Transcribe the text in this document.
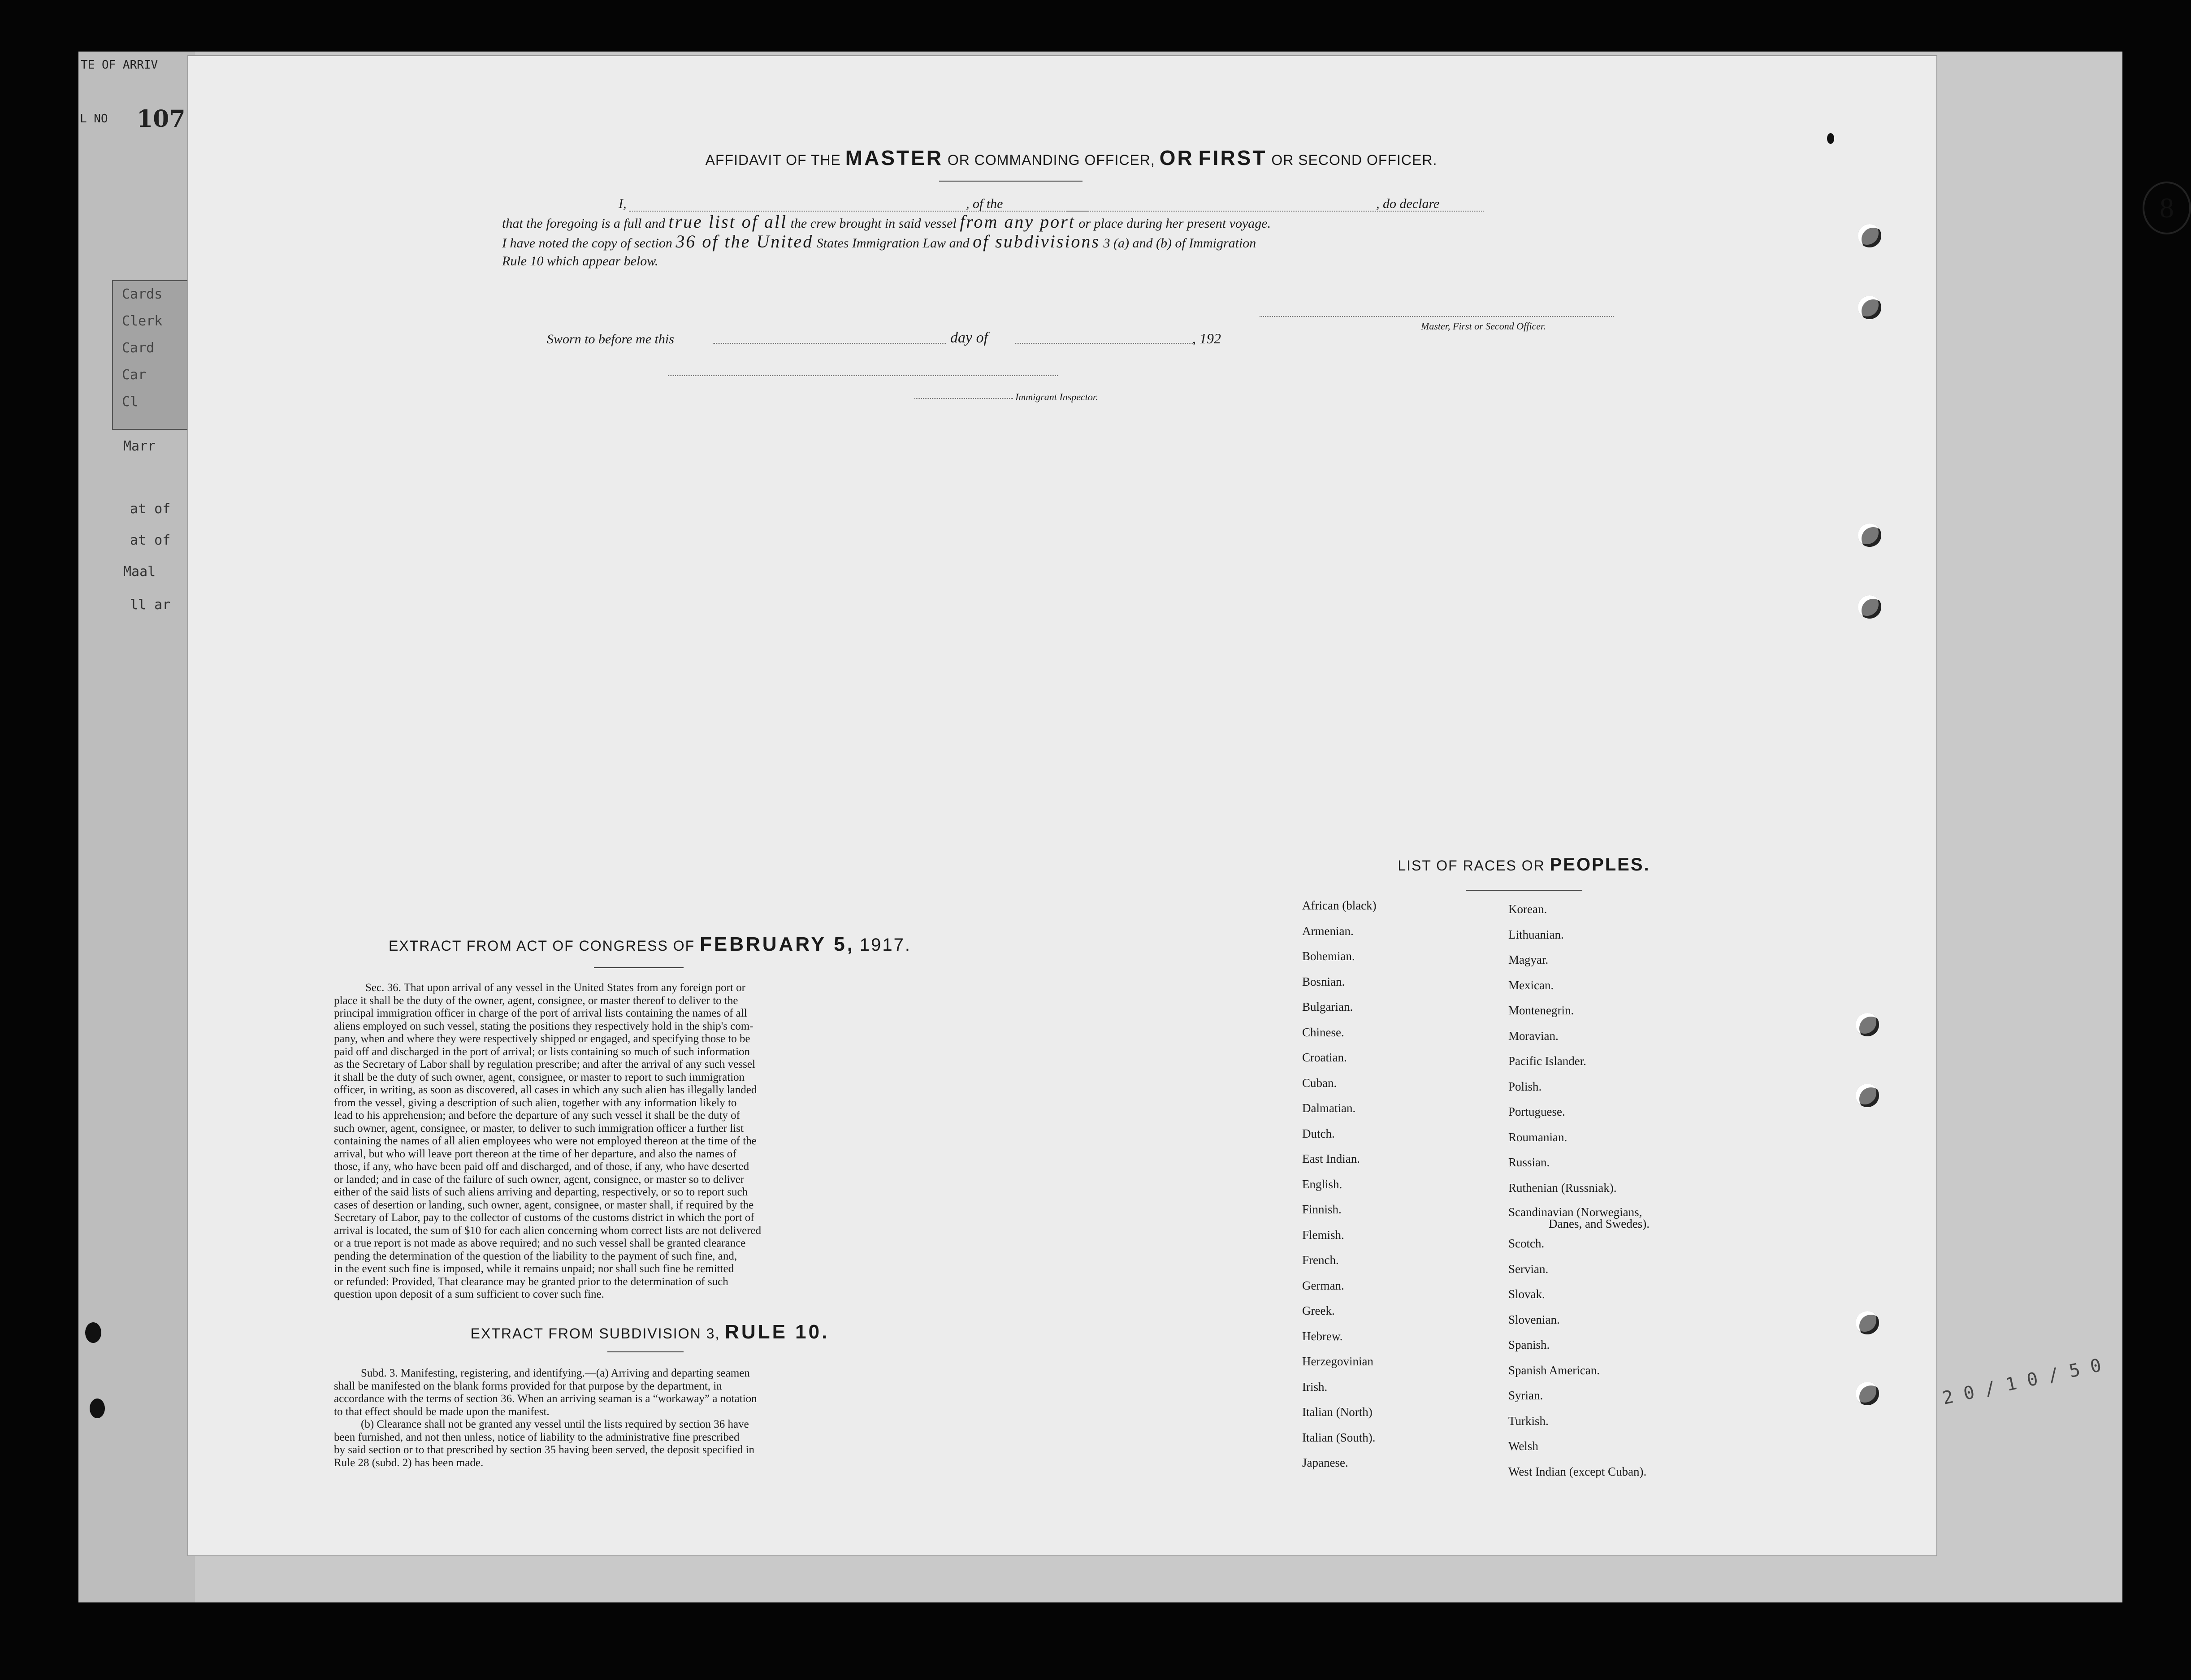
TE OF ARRIV
L NO 107
Cards
Clerk
Card
Car
Cl
Marr
at of
at of
Maal
ll ar
8
AFFIDAVIT OF THE MASTER OR COMMANDING OFFICER, OR FIRST OR SECOND OFFICER.
I,	, of the	, do declare
that the foregoing is a full and true list of all the crew brought in said vessel from any port or place during her present voyage.
I have noted the copy of section 36 of the United States Immigration Law and of subdivisions 3 (a) and (b) of Immigration
Rule 10 which appear below.
Master, First or Second Officer.
Sworn to before me this	day of	, 192
Immigrant Inspector.
EXTRACT FROM ACT OF CONGRESS OF FEBRUARY 5, 1917.
Sec. 36. That upon arrival of any vessel in the United States from any foreign port or
place it shall be the duty of the owner, agent, consignee, or master thereof to deliver to the
principal immigration officer in charge of the port of arrival lists containing the names of all
aliens employed on such vessel, stating the positions they respectively hold in the ship's com-
pany, when and where they were respectively shipped or engaged, and specifying those to be
paid off and discharged in the port of arrival; or lists containing so much of such information
as the Secretary of Labor shall by regulation prescribe; and after the arrival of any such vessel
it shall be the duty of such owner, agent, consignee, or master to report to such immigration
officer, in writing, as soon as discovered, all cases in which any such alien has illegally landed
from the vessel, giving a description of such alien, together with any information likely to
lead to his apprehension; and before the departure of any such vessel it shall be the duty of
such owner, agent, consignee, or master, to deliver to such immigration officer a further list
containing the names of all alien employees who were not employed thereon at the time of the
arrival, but who will leave port thereon at the time of her departure, and also the names of
those, if any, who have been paid off and discharged, and of those, if any, who have deserted
or landed; and in case of the failure of such owner, agent, consignee, or master so to deliver
either of the said lists of such aliens arriving and departing, respectively, or so to report such
cases of desertion or landing, such owner, agent, consignee, or master shall, if required by the
Secretary of Labor, pay to the collector of customs of the customs district in which the port of
arrival is located, the sum of $10 for each alien concerning whom correct lists are not delivered
or a true report is not made as above required; and no such vessel shall be granted clearance
pending the determination of the question of the liability to the payment of such fine, and,
in the event such fine is imposed, while it remains unpaid; nor shall such fine be remitted
or refunded: Provided, That clearance may be granted prior to the determination of such
question upon deposit of a sum sufficient to cover such fine.
EXTRACT FROM SUBDIVISION 3, RULE 10.
Subd. 3. Manifesting, registering, and identifying.—(a) Arriving and departing seamen
shall be manifested on the blank forms provided for that purpose by the department, in
accordance with the terms of section 36. When an arriving seaman is a “workaway” a notation
to that effect should be made upon the manifest.
(b) Clearance shall not be granted any vessel until the lists required by section 36 have
been furnished, and not then unless, notice of liability to the administrative fine prescribed
by said section or to that prescribed by section 35 having been served, the deposit specified in
Rule 28 (subd. 2) has been made.
LIST OF RACES OR PEOPLES.
African (black)
Armenian.
Bohemian.
Bosnian.
Bulgarian.
Chinese.
Croatian.
Cuban.
Dalmatian.
Dutch.
East Indian.
English.
Finnish.
Flemish.
French.
German.
Greek.
Hebrew.
Herzegovinian
Irish.
Italian (North)
Italian (South).
Japanese.
Korean.
Lithuanian.
Magyar.
Mexican.
Montenegrin.
Moravian.
Pacific Islander.
Polish.
Portuguese.
Roumanian.
Russian.
Ruthenian (Russniak).
Scandinavian (Norwegians,
Danes, and Swedes).
Scotch.
Servian.
Slovak.
Slovenian.
Spanish.
Spanish American.
Syrian.
Turkish.
Welsh
West Indian (except Cuban).
2 0 / 1 0 / 5 0
